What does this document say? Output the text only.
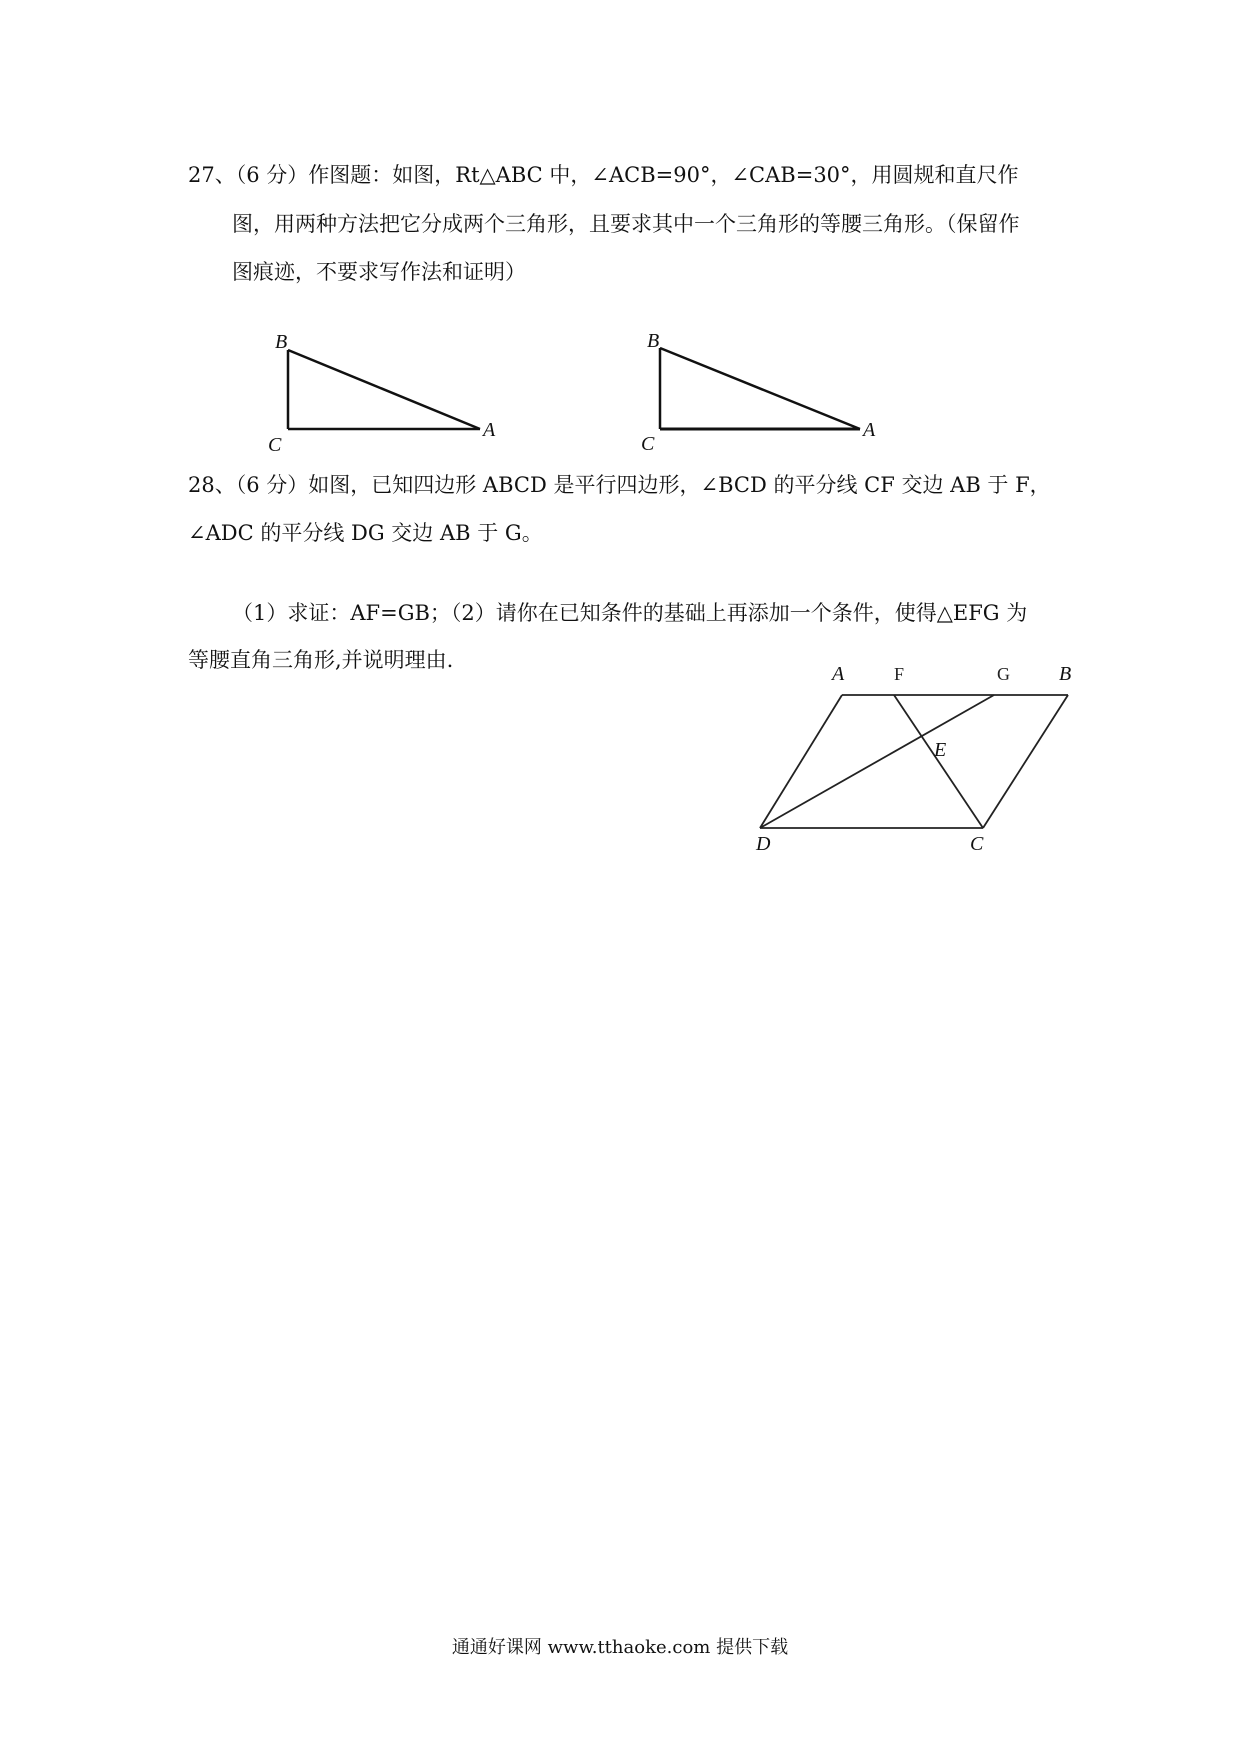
27、（6 分）作图题：如图，Rt△ABC 中，∠ACB=90°，∠CAB=30°，用圆规和直尺作
图，用两种方法把它分成两个三角形，且要求其中一个三角形的等腰三角形。（保留作
图痕迹，不要求写作法和证明）
B
C
A
B
C
A
28、（6 分）如图，已知四边形 ABCD 是平行四边形，∠BCD 的平分线 CF 交边 AB 于 F，
∠ADC 的平分线 DG 交边 AB 于 G。
（1）求证：AF=GB；（2）请你在已知条件的基础上再添加一个条件，使得△EFG 为
等腰直角三角形,并说明理由.
A	F	G B
E
D	C
通通好课网 www.tthaoke.com 提供下载
